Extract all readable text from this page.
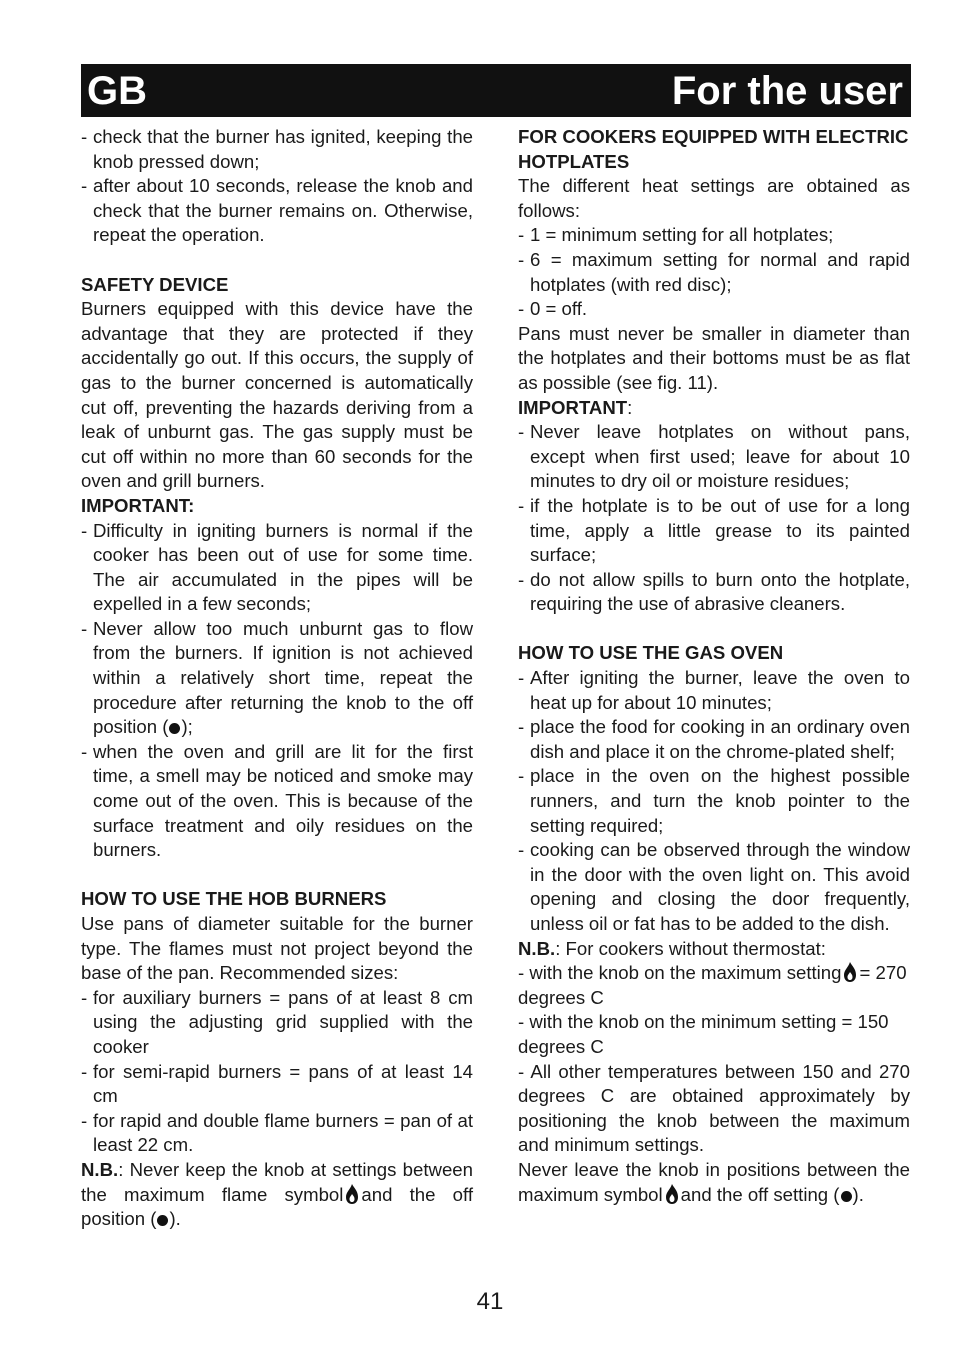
GB	For the user
- check that the burner has ignited, keeping the knob pressed down;
- after about 10 seconds, release the knob and check that the burner remains on. Otherwise, repeat the operation.
SAFETY DEVICE

Burners equipped with this device have the advantage that they are protected if they accidentally go out. If this occurs, the supply of gas to the burner concerned is automatically cut off, preventing the hazards deriving from a leak of unburnt gas. The gas supply must be cut off within no more than 60 seconds for the oven and grill burners.

IMPORTANT:
- Difficulty in igniting burners is normal if the cooker has been out of use for some time. The air accumulated in the pipes will be expelled in a few seconds;
- Never allow too much unburnt gas to flow from the burners. If ignition is not achieved within a relatively short time, repeat the procedure after returning the knob to the off position ( );
- when the oven and grill are lit for the first time, a smell may be noticed and smoke may come out of the oven. This is because of the surface treatment and oily residues on the burners.
HOW TO USE THE HOB BURNERS

Use pans of diameter suitable for the burner type. The flames must not project beyond the base of the pan. Recommended sizes:

- for auxiliary burners = pans of at least 8 cm using the adjusting grid supplied with the cooker
- for semi-rapid burners = pans of at least 14 cm
- for rapid and double flame burners = pan of at least 22 cm.

N.B.: Never keep the knob at settings between the maximum flame symbol and the off position ( ).

FOR COOKERS EQUIPPED WITH ELECTRIC HOTPLATES

The different heat settings are obtained as follows:

- 1 = minimum setting for all hotplates;
- 6 = maximum setting for normal and rapid hotplates (with red disc);
- 0 = off.

Pans must never be smaller in diameter than the hotplates and their bottoms must be as flat as possible (see fig. 11).

IMPORTANT:

- Never leave hotplates on without pans, except when first used; leave for about 10 minutes to dry oil or moisture residues;
- if the hotplate is to be out of use for a long time, apply a little grease to its painted surface;
- do not allow spills to burn onto the hotplate, requiring the use of abrasive cleaners.
HOW TO USE THE GAS OVEN
- After igniting the burner, leave the oven to heat up for about 10 minutes;
- place the food for cooking in an ordinary oven dish and place it on the chrome-plated shelf;
- place in the oven on the highest possible runners, and turn the knob pointer to the setting required;
- cooking can be observed through the window in the door with the oven light on. This avoid opening and closing the door frequently, unless oil or fat has to be added to the dish.

N.B.: For cookers without thermostat:

- with the knob on the maximum setting = 270 degrees C

- with the knob on the minimum setting = 150 degrees C

- All other temperatures between 150 and 270 degrees C are obtained approximately by positioning the knob between the maximum and minimum settings.

Never leave the knob in positions between the maximum symbol and the off setting ( ).

41
